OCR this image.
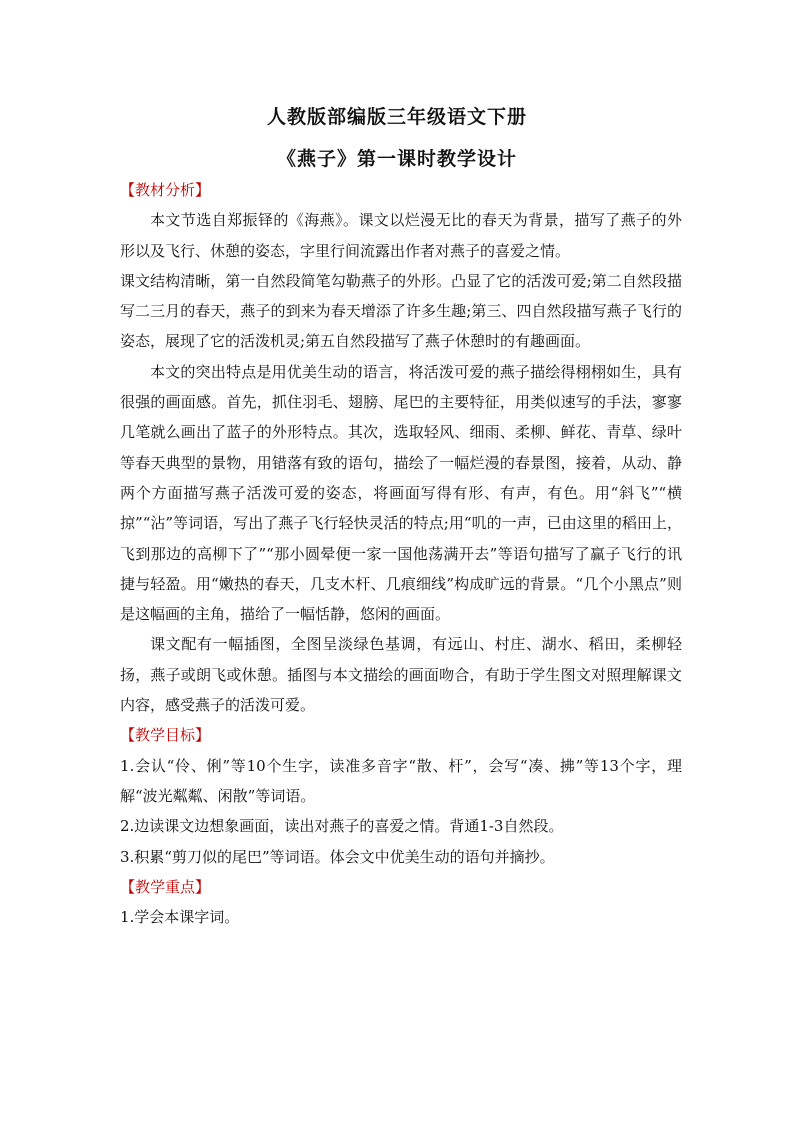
人教版部编版三年级语文下册
《燕子》第一课时教学设计

【教材分析】

本文节选自郑振铎的《海燕》。课文以烂漫无比的春天为背景，描写了燕子的外形以及飞行、休憩的姿态，字里行间流露出作者对燕子的喜爱之情。

课文结构清晰，第一自然段简笔勾勒燕子的外形。凸显了它的活泼可爱;第二自然段描写二三月的春天，燕子的到来为春天增添了许多生趣;第三、四自然段描写燕子飞行的姿态，展现了它的活泼机灵;第五自然段描写了燕子休憩时的有趣画面。

本文的突出特点是用优美生动的语言，将活泼可爱的燕子描绘得栩栩如生，具有很强的画面感。首先，抓住羽毛、翅膀、尾巴的主要特征，用类似速写的手法，寥寥几笔就么画出了蓝子的外形特点。其次，选取轻风、细雨、柔柳、鲜花、青草、绿叶等春天典型的景物，用错落有致的语句，描绘了一幅烂漫的春景图，接着，从动、静两个方面描写燕子活泼可爱的姿态，将画面写得有形、有声，有色。用“斜飞”“横掠”“沾”等词语，写出了燕子飞行轻快灵活的特点;用“叽的一声，已由这里的稻田上，飞到那边的高柳下了”“那小圆晕便一家一国他荡满开去”等语句描写了赢子飞行的讯捷与轻盈。用“嫩热的春天，几支木杆、几痕细线”构成旷远的背景。“几个小黑点”则是这幅画的主角，描给了一幅恬静，悠闲的画面。

课文配有一幅插图，全图呈淡绿色基调，有远山、村庄、湖水、稻田，柔柳轻扬，燕子或朗飞或休憩。插图与本文描绘的画面吻合，有助于学生图文对照理解课文内容，感受燕子的活泼可爱。

【教学目标】

1.会认“伶、俐”等10个生字，读准多音字“散、杆”，会写“凑、拂”等13个字，理解“波光粼粼、闲散”等词语。

2.边读课文边想象画面，读出对燕子的喜爱之情。背通1-3自然段。

3.积累“剪刀似的尾巴”等词语。体会文中优美生动的语句并摘抄。

【教学重点】

1.学会本课字词。
